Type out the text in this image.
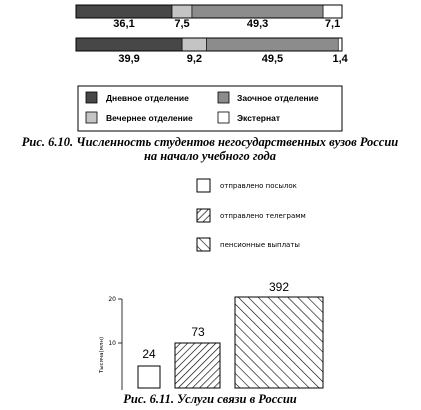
36,1	7,5	49,3	7,1
39,9	9,2	49,5	1,4
Дневное отделение	Заочное отделение
Вечернее отделение	Экстернат
Рис. 6.10. Численность студентов негосударственных вузов России
на начало учебного года
отправлено посылок
отправлено телеграмм
пенсионные выплаты
20
10
Тысяча(млн)	24
73
392
Рис. 6.11. Услуги связи в России
